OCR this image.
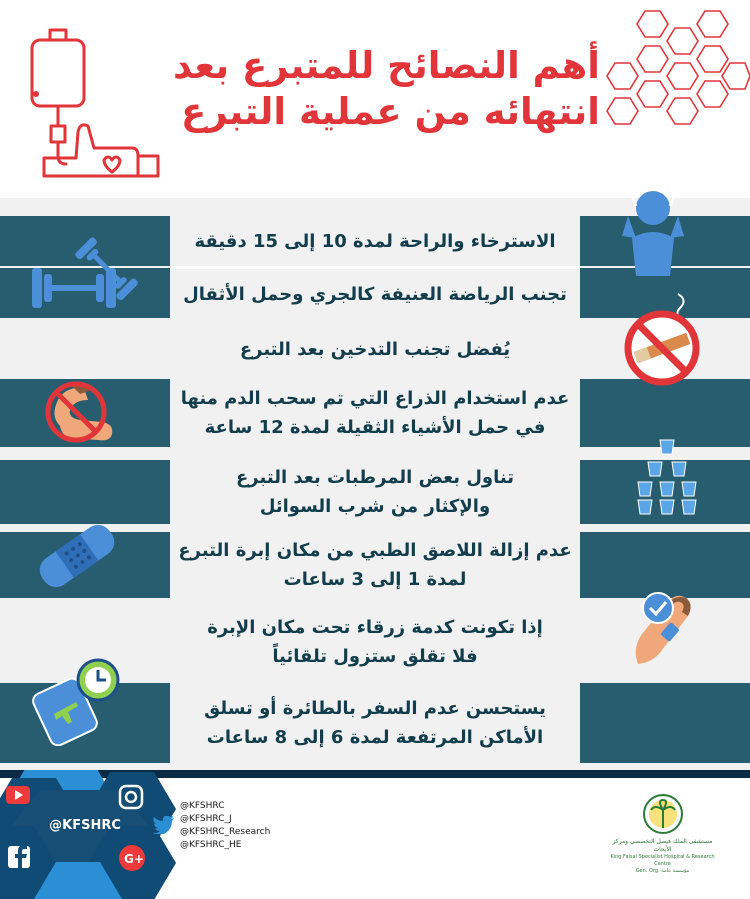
أهم النصائح للمتبرع بعد
انتهائه من عملية التبرع
الاسترخاء والراحة لمدة 10 إلى 15 دقيقة
تجنب الرياضة العنيفة كالجري وحمل الأثقال
يُفضل تجنب التدخين بعد التبرع
عدم استخدام الذراع التي تم سحب الدم منها
في حمل الأشياء الثقيلة لمدة 12 ساعة
تناول بعض المرطبات بعد التبرع
والإكثار من شرب السوائل
عدم إزالة اللاصق الطبي من مكان إبرة التبرع
لمدة 1 إلى 3 ساعات
إذا تكونت كدمة زرقاء تحت مكان الإبرة
فلا تقلق ستزول تلقائياً
يستحسن عدم السفر بالطائرة أو تسلق
الأماكن المرتفعة لمدة 6 إلى 8 ساعات
G+
@KFSHRC
@KFSHRC
@KFSHRC_J
@KFSHRC_Research
@KFSHRC_HE	مستشفى الملك فيصل التخصصي ومركز الأبحاث
King Faisal Specialist Hospital & Research Centre
Gen. Org. مؤسسة عامة
